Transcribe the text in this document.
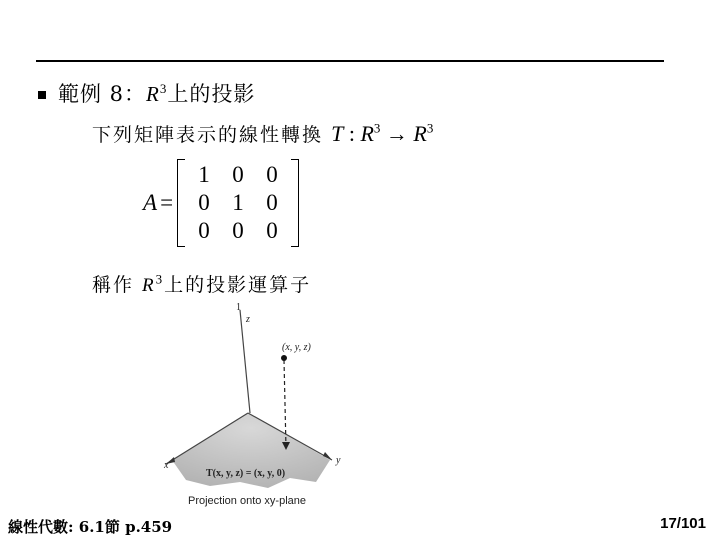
範例 8：$R^3$上的投影
下列矩陣表示的線性轉換 T : $R^3 \to R^3$
A =
1 0 0
0 1 0
0 0 0
稱作 $R^3$上的投影運算子
1
z
(x, y, z)
x	y
T(x, y, z) = (x, y, 0)
Projection onto xy-plane
線性代數: 6.1節 p.459	17/101
